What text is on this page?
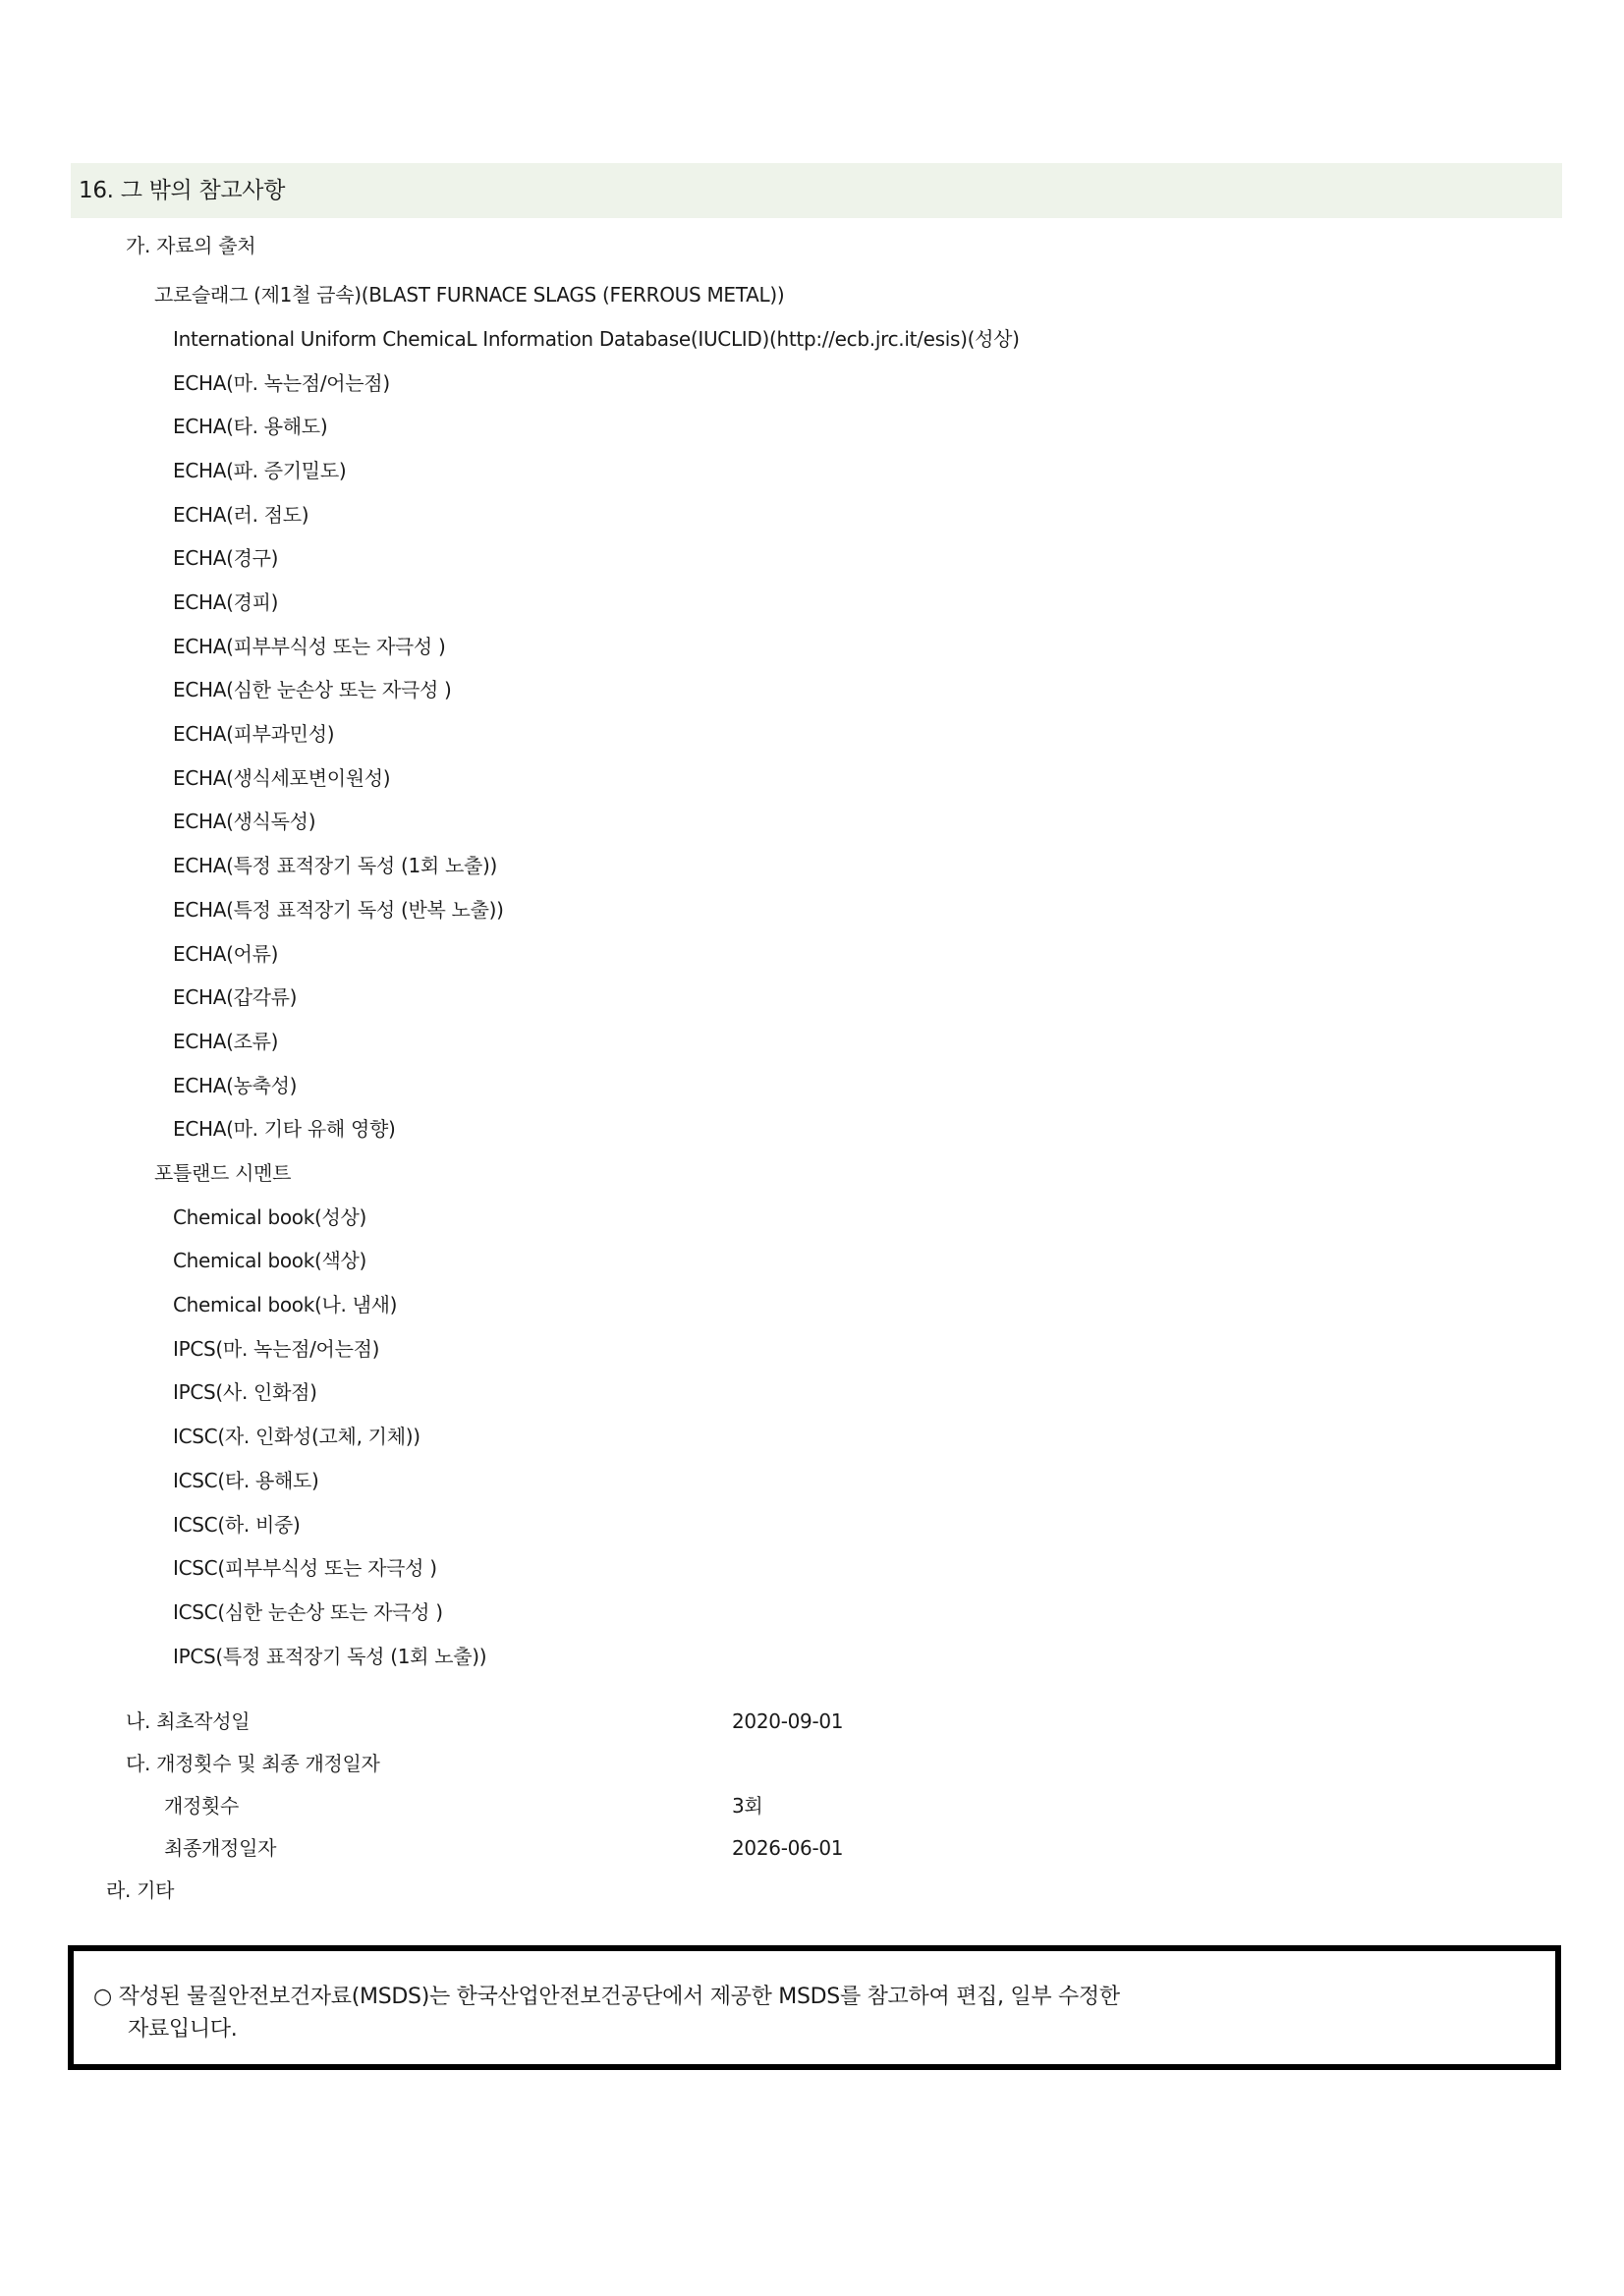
16. 그 밖의 참고사항
가. 자료의 출처
고로슬래그 (제1철 금속)(BLAST FURNACE SLAGS (FERROUS METAL))
International Uniform ChemicaL Information Database(IUCLID)(http://ecb.jrc.it/esis)(성상)
ECHA(마. 녹는점/어는점)
ECHA(타. 용해도)
ECHA(파. 증기밀도)
ECHA(러. 점도)
ECHA(경구)
ECHA(경피)
ECHA(피부부식성 또는 자극성 )
ECHA(심한 눈손상 또는 자극성 )
ECHA(피부과민성)
ECHA(생식세포변이원성)
ECHA(생식독성)
ECHA(특정 표적장기 독성 (1회 노출))
ECHA(특정 표적장기 독성 (반복 노출))
ECHA(어류)
ECHA(갑각류)
ECHA(조류)
ECHA(농축성)
ECHA(마. 기타 유해 영향)
포틀랜드 시멘트
Chemical book(성상)
Chemical book(색상)
Chemical book(나. 냄새)
IPCS(마. 녹는점/어는점)
IPCS(사. 인화점)
ICSC(자. 인화성(고체, 기체))
ICSC(타. 용해도)
ICSC(하. 비중)
ICSC(피부부식성 또는 자극성 )
ICSC(심한 눈손상 또는 자극성 )
IPCS(특정 표적장기 독성 (1회 노출))
나. 최초작성일	2020-09-01
다. 개정횟수 및 최종 개정일자
개정횟수	3회
최종개정일자	2026-06-01
라. 기타
○ 작성된 물질안전보건자료(MSDS)는 한국산업안전보건공단에서 제공한 MSDS를 참고하여 편집, 일부 수정한
자료입니다.
